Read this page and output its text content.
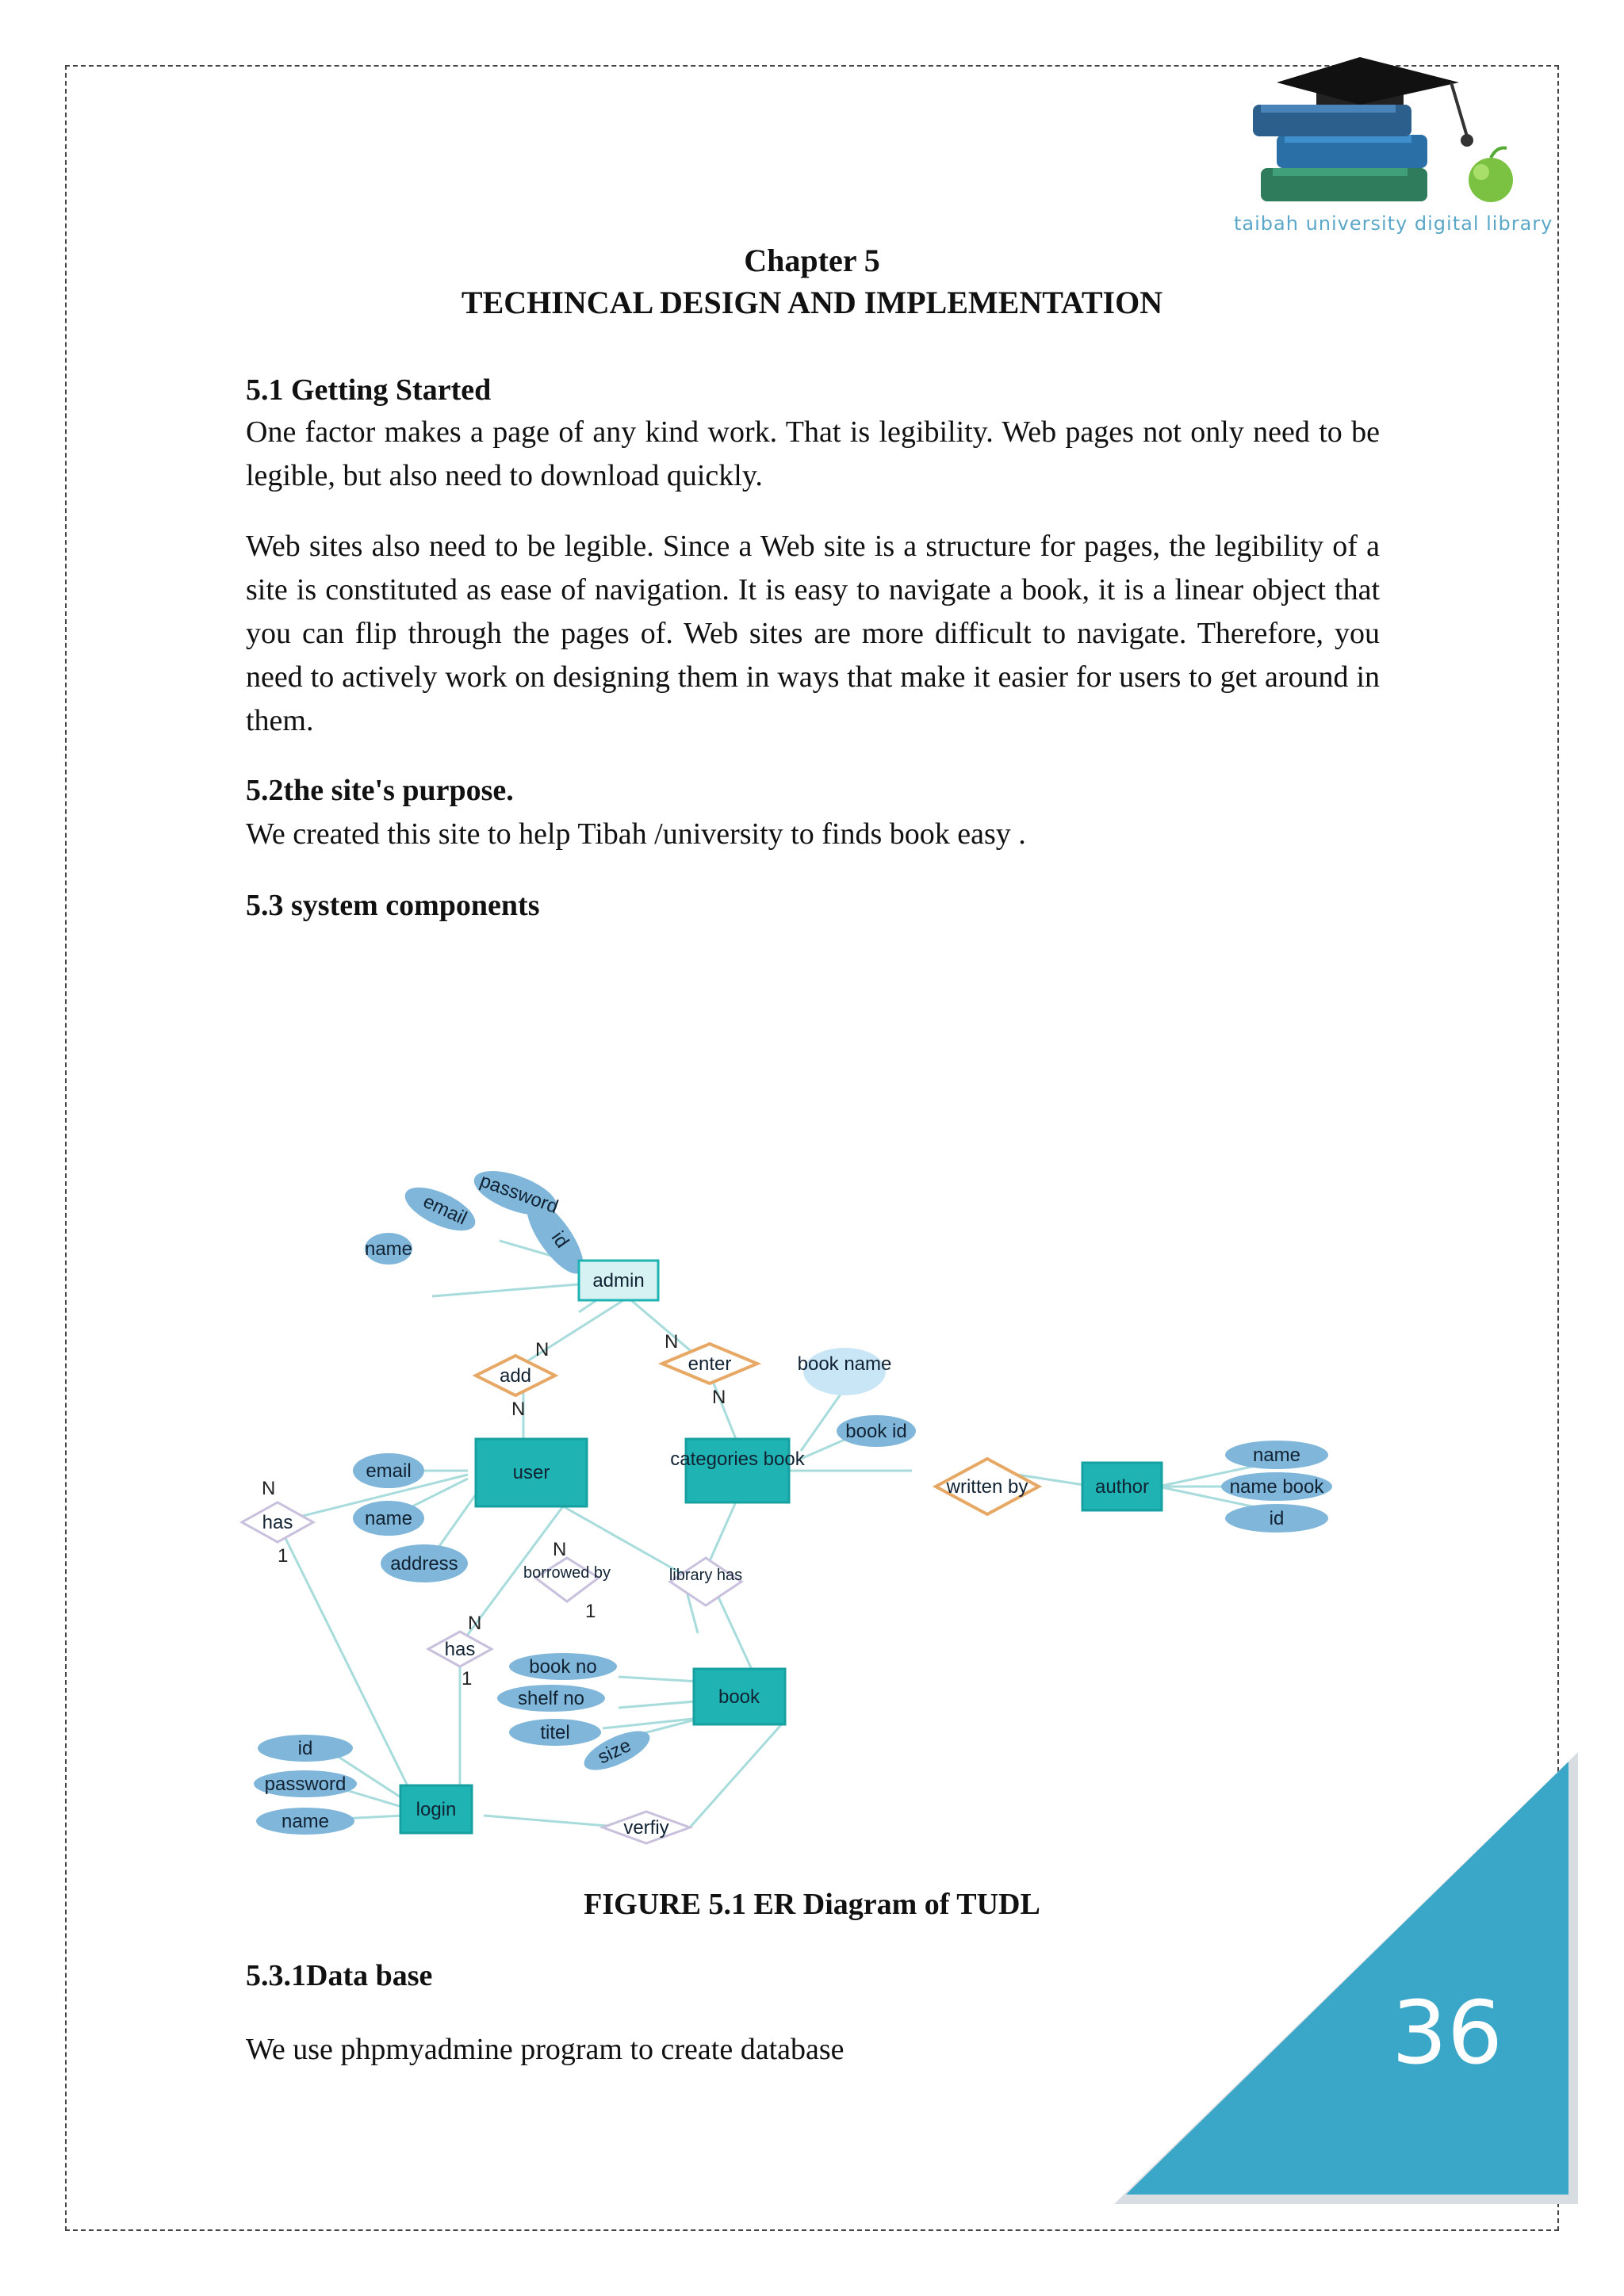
taibah university digital library
Chapter 5
TECHINCAL DESIGN AND IMPLEMENTATION
5.1 Getting Started

One factor makes a page of any kind work. That is legibility. Web pages not only need to be legible, but also need to download quickly.

Web sites also need to be legible. Since a Web site is a structure for pages, the legibility of a site is constituted as ease of navigation. It is easy to navigate a book, it is a linear object that you can flip through the pages of. Web sites are more difficult to navigate. Therefore, you need to actively work on designing them in ways that make it easier for users to get around in them.

5.2the site's purpose.

We created this site to help Tibah /university to finds book easy .

5.3 system components
name
email password
id
admin
add
N
N
enter
N
N
book name
book id
user
email
name
address
categories book
written by	author
name
name book
id
has
N
1
borrowed by
N
1
library has
has
N
1
book no
shelf no
titel
size
book
id
password
name
login
verfiy
FIGURE 5.1 ER Diagram of TUDL
5.3.1Data base

We use phpmyadmine program to create database	36
